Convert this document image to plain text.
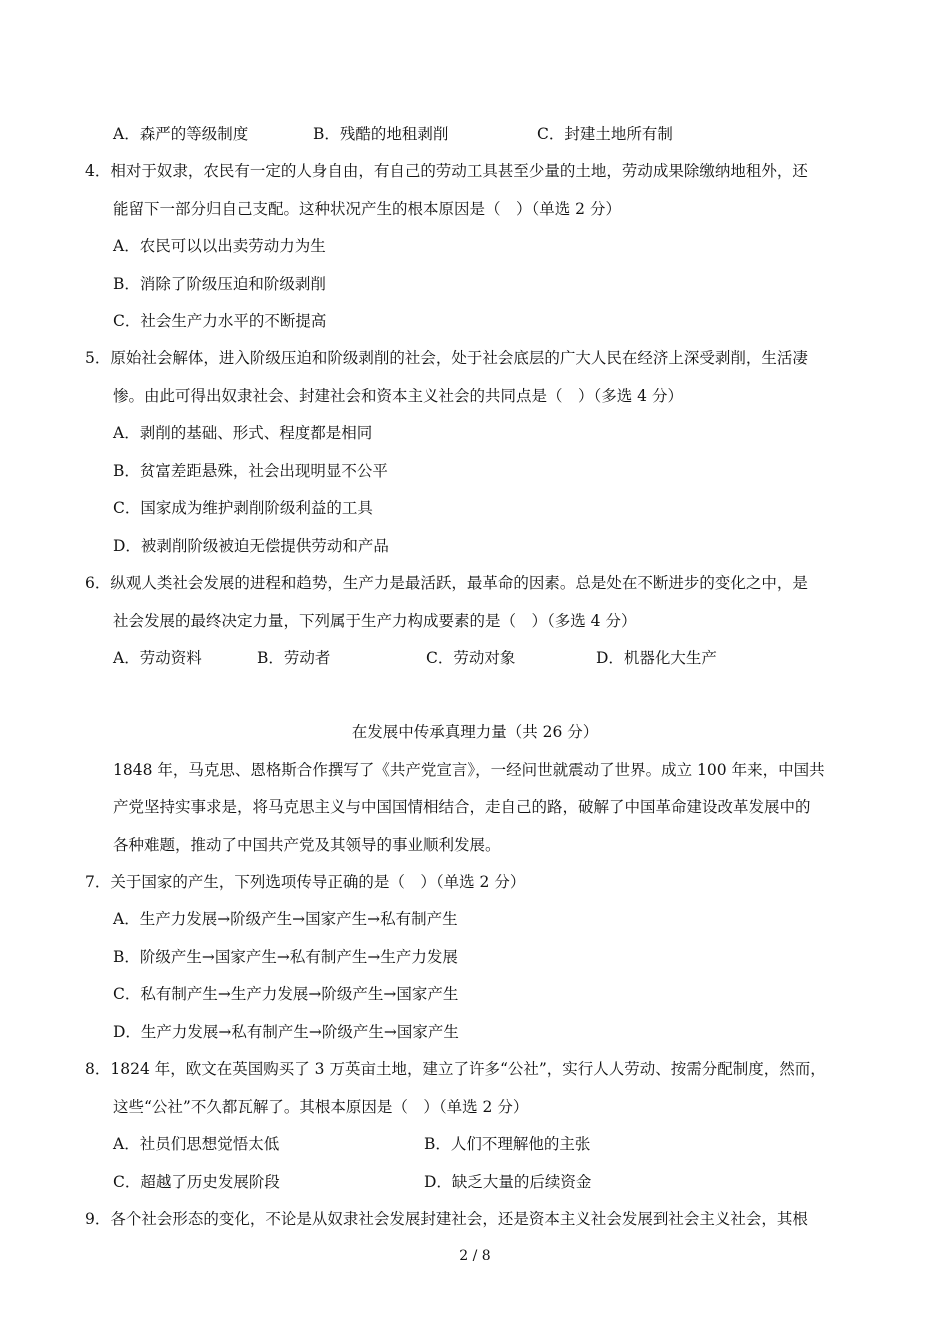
A．森严的等级制度	B．残酷的地租剥削	C．封建土地所有制
4．相对于奴隶，农民有一定的人身自由，有自己的劳动工具甚至少量的土地，劳动成果除缴纳地租外，还
能留下一部分归自己支配。这种状况产生的根本原因是（　）（单选 2 分）
A．农民可以以出卖劳动力为生
B．消除了阶级压迫和阶级剥削
C．社会生产力水平的不断提高
5．原始社会解体，进入阶级压迫和阶级剥削的社会，处于社会底层的广大人民在经济上深受剥削，生活凄
惨。由此可得出奴隶社会、封建社会和资本主义社会的共同点是（　）（多选 4 分）
A．剥削的基础、形式、程度都是相同
B．贫富差距悬殊，社会出现明显不公平
C．国家成为维护剥削阶级利益的工具
D．被剥削阶级被迫无偿提供劳动和产品
6．纵观人类社会发展的进程和趋势，生产力是最活跃，最革命的因素。总是处在不断进步的变化之中，是
社会发展的最终决定力量，下列属于生产力构成要素的是（　）（多选 4 分）
A．劳动资料	B．劳动者	C．劳动对象	D．机器化大生产
在发展中传承真理力量（共 26 分）
1848 年，马克思、恩格斯合作撰写了《共产党宣言》，一经问世就震动了世界。成立 100 年来，中国共
产党坚持实事求是，将马克思主义与中国国情相结合，走自己的路，破解了中国革命建设改革发展中的
各种难题，推动了中国共产党及其领导的事业顺利发展。
7．关于国家的产生，下列选项传导正确的是（　）（单选 2 分）
A．生产力发展→阶级产生→国家产生→私有制产生
B．阶级产生→国家产生→私有制产生→生产力发展
C．私有制产生→生产力发展→阶级产生→国家产生
D．生产力发展→私有制产生→阶级产生→国家产生
8．1824 年，欧文在英国购买了 3 万英亩土地，建立了许多“公社”，实行人人劳动、按需分配制度，然而，
这些“公社”不久都瓦解了。其根本原因是（　）（单选 2 分）
A．社员们思想觉悟太低	B．人们不理解他的主张
C．超越了历史发展阶段	D．缺乏大量的后续资金
9．各个社会形态的变化，不论是从奴隶社会发展封建社会，还是资本主义社会发展到社会主义社会，其根
2 / 8
